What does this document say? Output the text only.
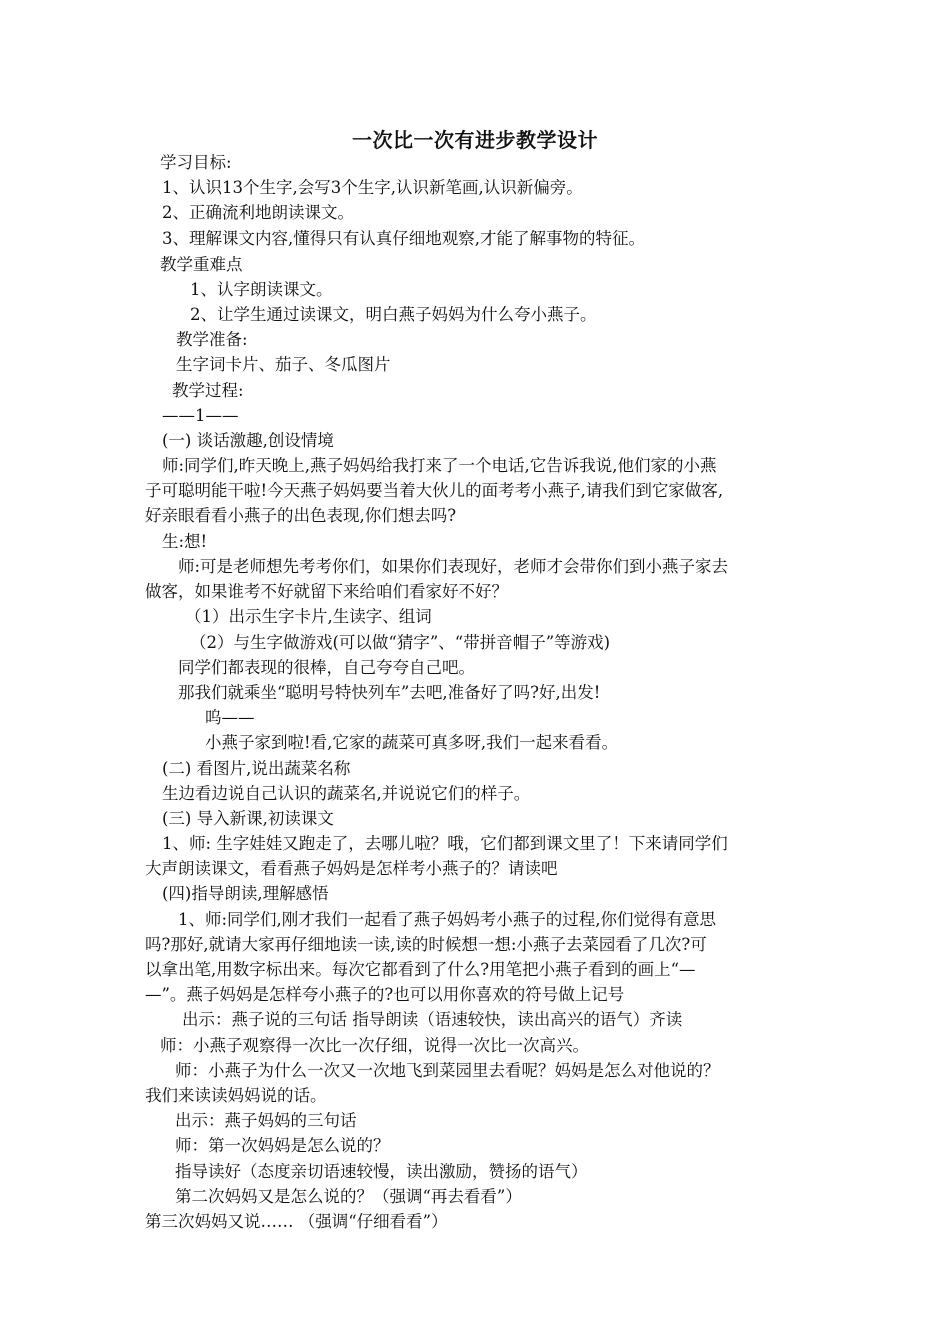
一次比一次有进步教学设计
学习目标:
1、认识13个生字,会写3个生字,认识新笔画,认识新偏旁。
2、正确流利地朗读课文。
3、理解课文内容,懂得只有认真仔细地观察,才能了解事物的特征。
教学重难点
1、认字朗读课文。
2、让学生通过读课文，明白燕子妈妈为什么夸小燕子。
教学准备:
生字词卡片、茄子、冬瓜图片
教学过程:
——1——
(一) 谈话激趣,创设情境
师:同学们,昨天晚上,燕子妈妈给我打来了一个电话,它告诉我说,他们家的小燕
子可聪明能干啦!今天燕子妈妈要当着大伙儿的面考考小燕子,请我们到它家做客,
好亲眼看看小燕子的出色表现,你们想去吗?
生:想!
师:可是老师想先考考你们，如果你们表现好，老师才会带你们到小燕子家去
做客，如果谁考不好就留下来给咱们看家好不好？
（1）出示生字卡片,生读字、组词
（2）与生字做游戏(可以做“猜字”、“带拼音帽子”等游戏)
同学们都表现的很棒，自己夸夸自己吧。
那我们就乘坐“聪明号特快列车”去吧,准备好了吗?好,出发!
呜——
小燕子家到啦!看,它家的蔬菜可真多呀,我们一起来看看。
(二) 看图片,说出蔬菜名称
生边看边说自己认识的蔬菜名,并说说它们的样子。
(三) 导入新课,初读课文
1、师: 生字娃娃又跑走了，去哪儿啦？哦，它们都到课文里了！下来请同学们
大声朗读课文，看看燕子妈妈是怎样考小燕子的？请读吧
(四)指导朗读,理解感悟
1、师:同学们,刚才我们一起看了燕子妈妈考小燕子的过程,你们觉得有意思
吗?那好,就请大家再仔细地读一读,读的时候想一想:小燕子去菜园看了几次?可
以拿出笔,用数字标出来。每次它都看到了什么?用笔把小燕子看到的画上“—
—”。燕子妈妈是怎样夸小燕子的?也可以用你喜欢的符号做上记号
出示：燕子说的三句话 指导朗读（语速较快，读出高兴的语气）齐读
师：小燕子观察得一次比一次仔细，说得一次比一次高兴。
师：小燕子为什么一次又一次地飞到菜园里去看呢？妈妈是怎么对他说的？
我们来读读妈妈说的话。
出示：燕子妈妈的三句话
师：第一次妈妈是怎么说的？
指导读好（态度亲切语速较慢，读出激励，赞扬的语气）
第二次妈妈又是怎么说的？（强调“再去看看”）
第三次妈妈又说…… （强调“仔细看看”）
